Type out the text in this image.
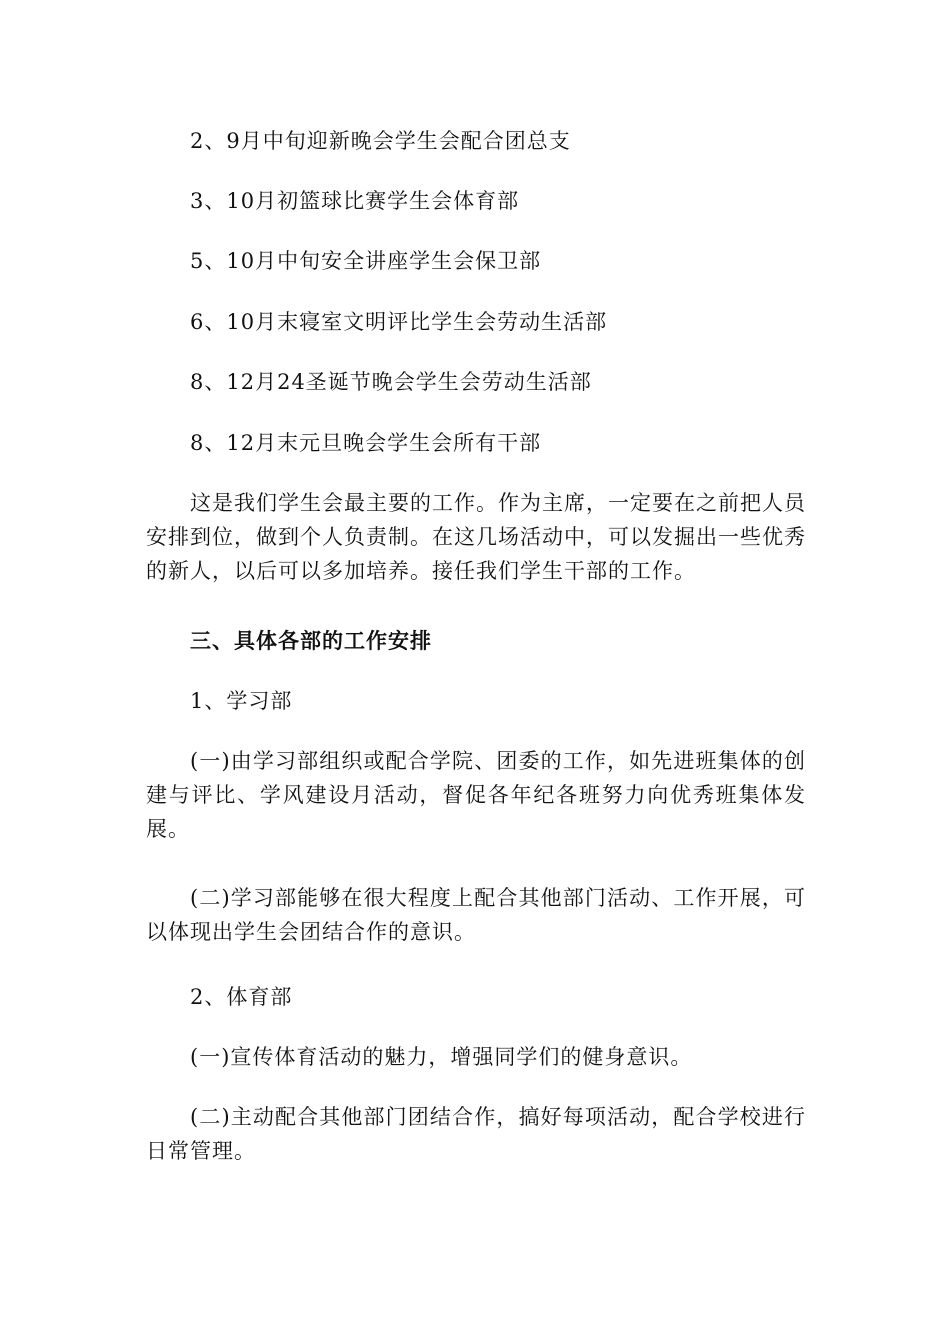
2、9月中旬迎新晚会学生会配合团总支
3、10月初篮球比赛学生会体育部
5、10月中旬安全讲座学生会保卫部
6、10月末寝室文明评比学生会劳动生活部
8、12月24圣诞节晚会学生会劳动生活部
8、12月末元旦晚会学生会所有干部
这是我们学生会最主要的工作。作为主席，一定要在之前把人员安排到位，做到个人负责制。在这几场活动中，可以发掘出一些优秀的新人，以后可以多加培养。接任我们学生干部的工作。
三、具体各部的工作安排
1、学习部
(一)由学习部组织或配合学院、团委的工作，如先进班集体的创建与评比、学风建设月活动，督促各年纪各班努力向优秀班集体发展。
(二)学习部能够在很大程度上配合其他部门活动、工作开展，可以体现出学生会团结合作的意识。
2、体育部
(一)宣传体育活动的魅力，增强同学们的健身意识。
(二)主动配合其他部门团结合作，搞好每项活动，配合学校进行日常管理。
